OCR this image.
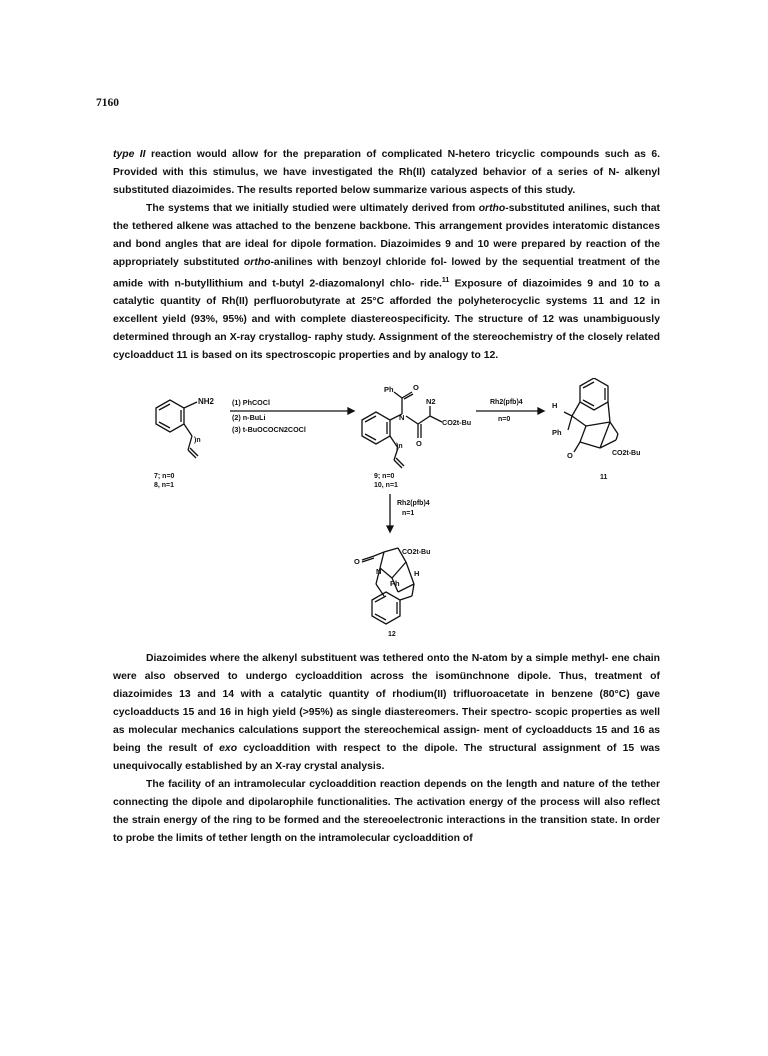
7160

type II reaction would allow for the preparation of complicated N-hetero tricyclic compounds such as 6. Provided with this stimulus, we have investigated the Rh(II) catalyzed behavior of a series of N- alkenyl substituted diazoimides. The results reported below summarize various aspects of this study.

The systems that we initially studied were ultimately derived from ortho-substituted anilines, such that the tethered alkene was attached to the benzene backbone. This arrangement provides interatomic distances and bond angles that are ideal for dipole formation. Diazoimides 9 and 10 were prepared by reaction of the appropriately substituted ortho-anilines with benzoyl chloride fol- lowed by the sequential treatment of the amide with n-butyllithium and t-butyl 2-diazomalonyl chlo- ride.$^{11}$ Exposure of diazoimides 9 and 10 to a catalytic quantity of Rh(II) perfluorobutyrate at 25°C afforded the polyheterocyclic systems 11 and 12 in excellent yield (93%, 95%) and with complete diastereospecificity. The structure of 12 was unambiguously determined through an X-ray crystallog- raphy study. Assignment of the stereochemistry of the closely related cycloadduct 11 is based on its spectroscopic properties and by analogy to 12.

NH2
)n
7; n=0
8, n=1
(1) PhCOCl
(2) n-BuLi
(3) t-BuOCOCN2COCl
Ph	O
N2
N
CO2t-Bu
O
)n
9; n=0
10, n=1
Rh2(pfb)4
n=0
H
Ph
O	CO2t-Bu
11
Rh2(pfb)4
n=1
CO2t-Bu
O
N	H
Ph
12

Diazoimides where the alkenyl substituent was tethered onto the N-atom by a simple methyl- ene chain were also observed to undergo cycloaddition across the isomünchnone dipole. Thus, treatment of diazoimides 13 and 14 with a catalytic quantity of rhodium(II) trifluoroacetate in benzene (80°C) gave cycloadducts 15 and 16 in high yield (>95%) as single diastereomers. Their spectro- scopic properties as well as molecular mechanics calculations support the stereochemical assign- ment of cycloadducts 15 and 16 as being the result of exo cycloaddition with respect to the dipole. The structural assignment of 15 was unequivocally established by an X-ray crystal analysis.

The facility of an intramolecular cycloaddition reaction depends on the length and nature of the tether connecting the dipole and dipolarophile functionalities. The activation energy of the process will also reflect the strain energy of the ring to be formed and the stereoelectronic interactions in the transition state. In order to probe the limits of tether length on the intramolecular cycloaddition of
